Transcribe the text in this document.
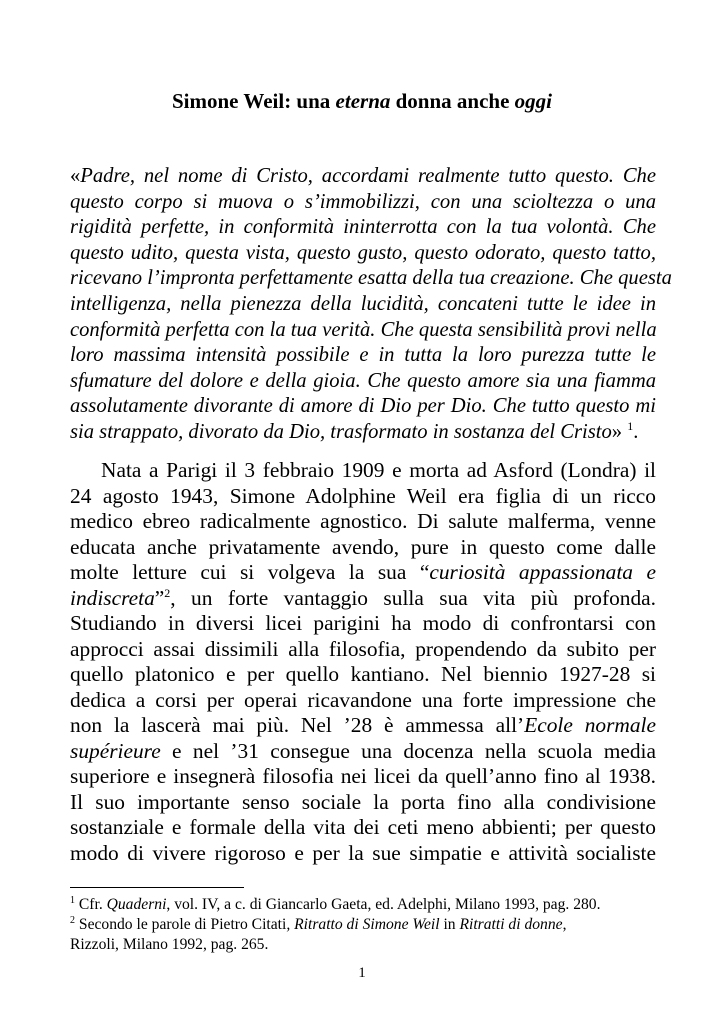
Simone Weil: una eterna donna anche oggi
«Padre, nel nome di Cristo, accordami realmente tutto questo. Che
questo corpo si muova o s’immobilizzi, con una scioltezza o una
rigidità perfette, in conformità ininterrotta con la tua volontà. Che
questo udito, questa vista, questo gusto, questo odorato, questo tatto,
ricevano l’impronta perfettamente esatta della tua creazione. Che questa
intelligenza, nella pienezza della lucidità, concateni tutte le idee in
conformità perfetta con la tua verità. Che questa sensibilità provi nella
loro massima intensità possibile e in tutta la loro purezza tutte le
sfumature del dolore e della gioia. Che questo amore sia una fiamma
assolutamente divorante di amore di Dio per Dio. Che tutto questo mi
sia strappato, divorato da Dio, trasformato in sostanza del Cristo» $^1$.
Nata a Parigi il 3 febbraio 1909 e morta ad Asford (Londra) il
24 agosto 1943, Simone Adolphine Weil era figlia di un ricco
medico ebreo radicalmente agnostico. Di salute malferma, venne
educata anche privatamente avendo, pure in questo come dalle
molte letture cui si volgeva la sua “curiosità appassionata e
indiscreta”$^2$, un forte vantaggio sulla sua vita più profonda.
Studiando in diversi licei parigini ha modo di confrontarsi con
approcci assai dissimili alla filosofia, propendendo da subito per
quello platonico e per quello kantiano. Nel biennio 1927-28 si
dedica a corsi per operai ricavandone una forte impressione che
non la lascerà mai più. Nel ’28 è ammessa all’Ecole normale
supérieure e nel ’31 consegue una docenza nella scuola media
superiore e insegnerà filosofia nei licei da quell’anno fino al 1938.
Il suo importante senso sociale la porta fino alla condivisione
sostanziale e formale della vita dei ceti meno abbienti; per questo
modo di vivere rigoroso e per la sue simpatie e attività socialiste
$^1$ Cfr. Quaderni, vol. IV, a c. di Giancarlo Gaeta, ed. Adelphi, Milano 1993, pag. 280.
$^2$ Secondo le parole di Pietro Citati, Ritratto di Simone Weil in Ritratti di donne,
Rizzoli, Milano 1992, pag. 265.
1
